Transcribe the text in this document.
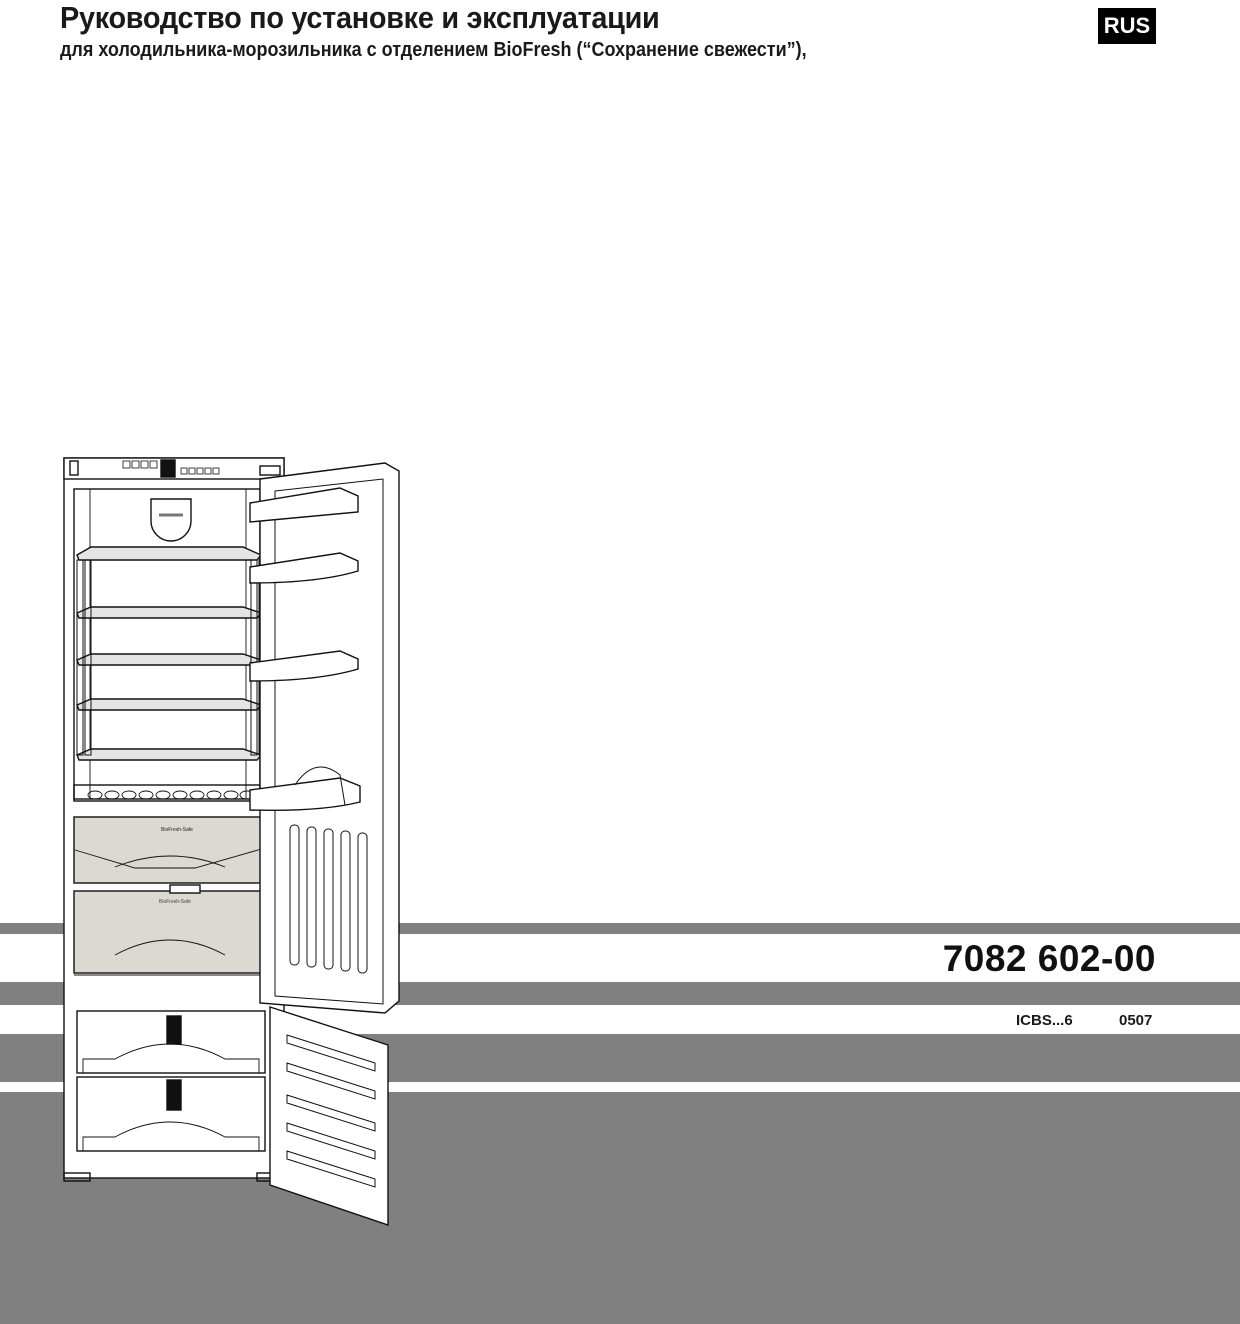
Руководство по установке и эксплуатации
для холодильника-морозильника с отделением BioFresh (“Сохранение свежести”),
RUS
7082 602-00
ICBS...6	0507
BioFresh-Safe
BioFresh-Safe
